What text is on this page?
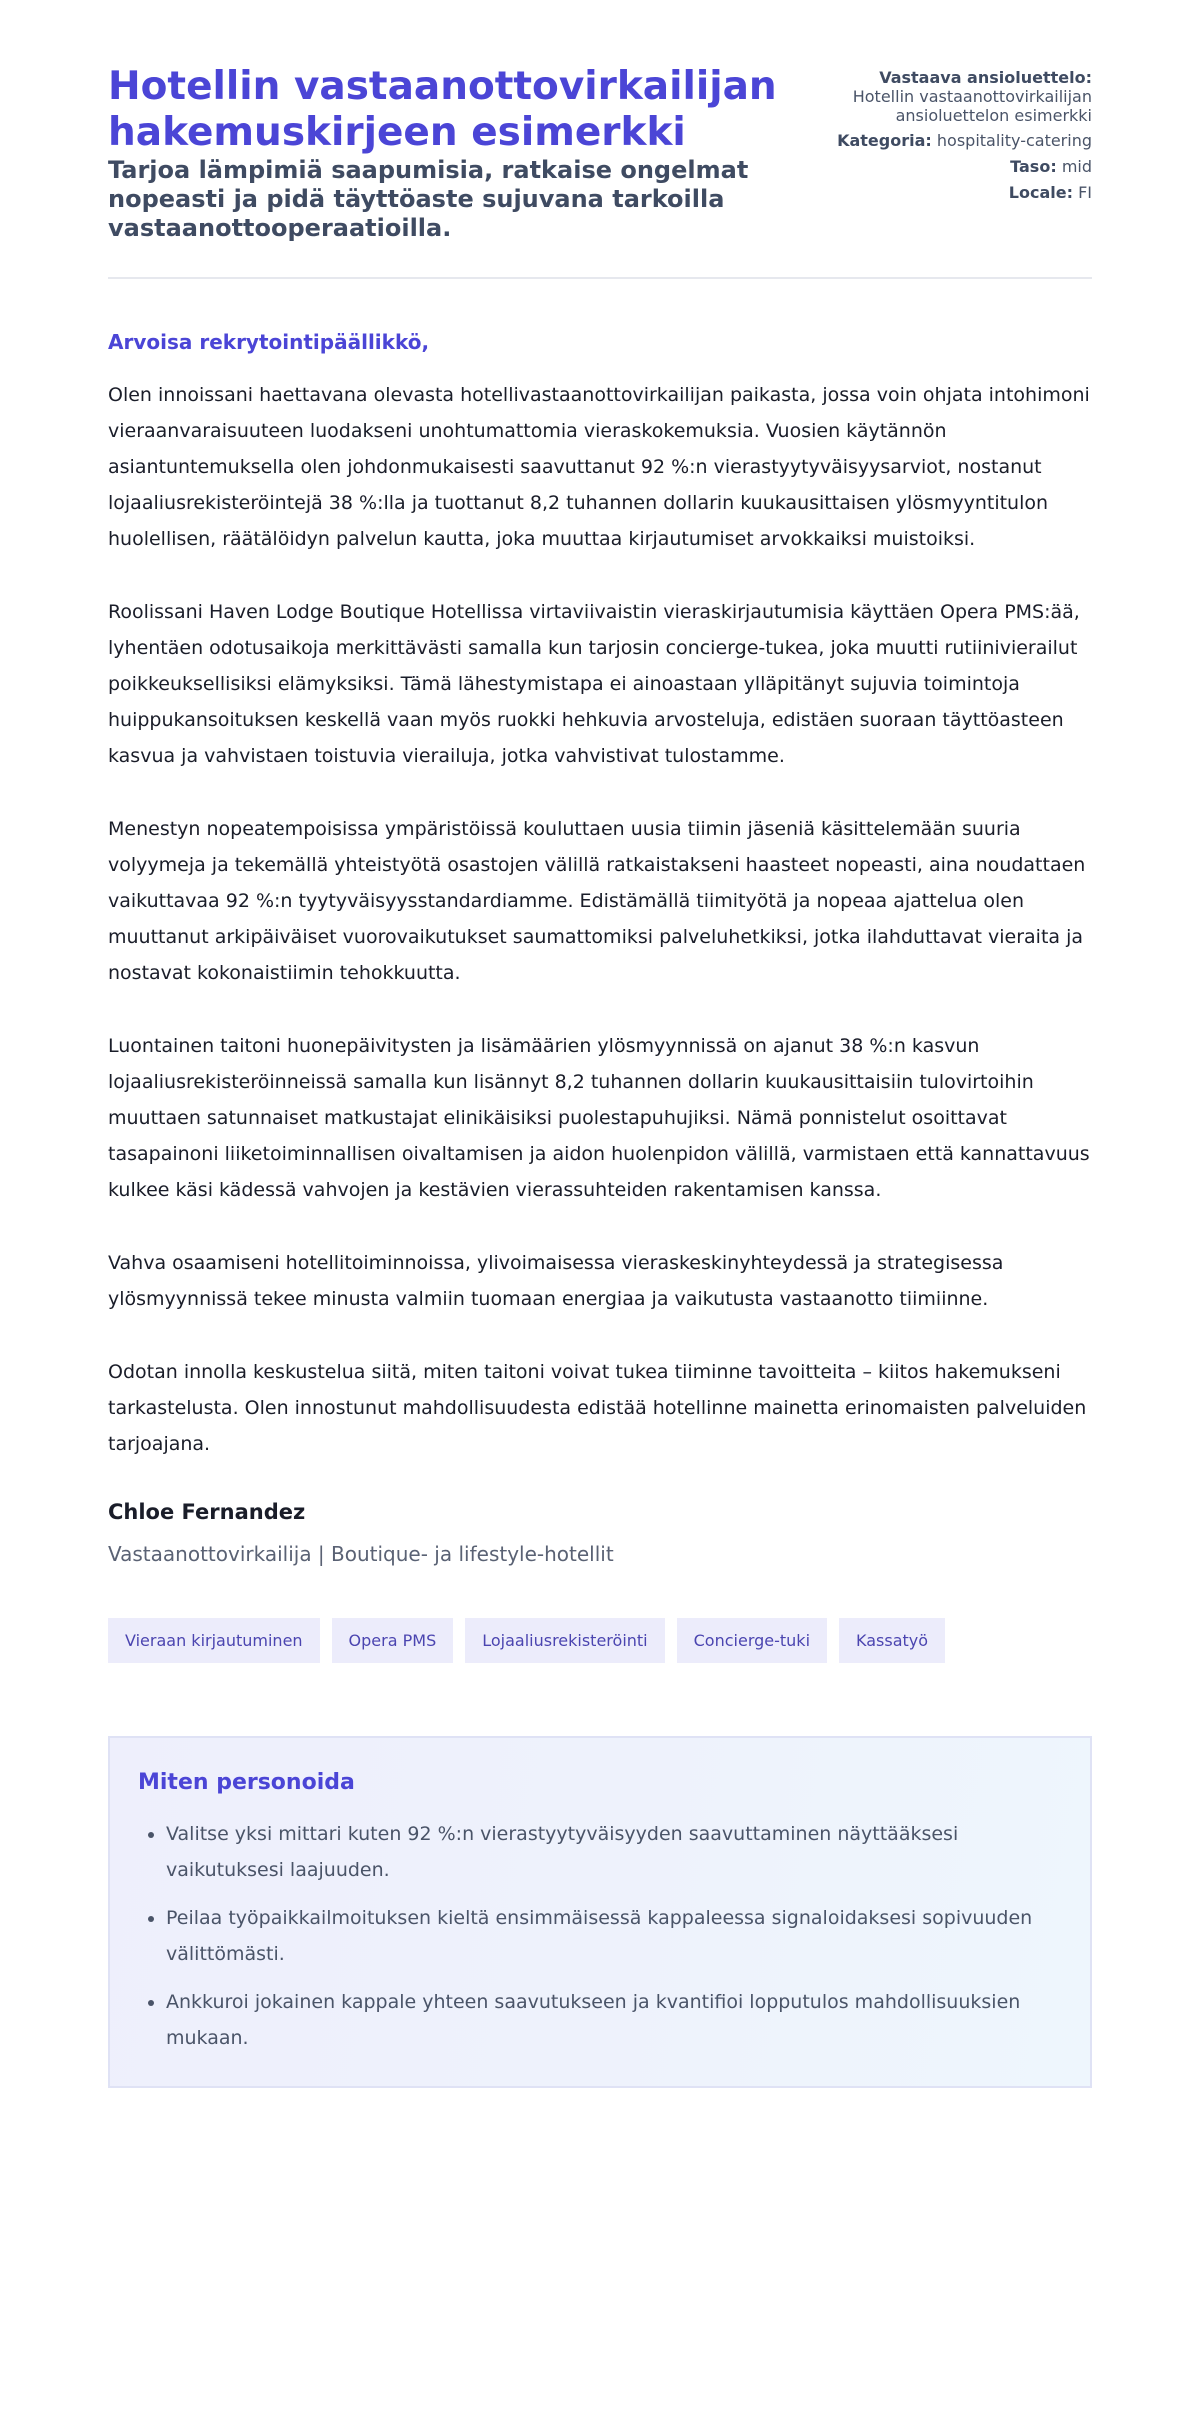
Hotellin vastaanottovirkailijan hakemuskirjeen esimerkki

Tarjoa lämpimiä saapumisia, ratkaise ongelmat nopeasti ja pidä täyttöaste sujuvana tarkoilla vastaanottooperaatioilla.

Vastaava ansioluettelo:
Hotellin vastaanottovirkailijan ansioluettelon esimerkki
Kategoria: hospitality-catering
Taso: mid
Locale: FI

Arvoisa rekrytointipäällikkö,

Olen innoissani haettavana olevasta hotellivastaanottovirkailijan paikasta, jossa voin ohjata intohimoni vieraanvaraisuuteen luodakseni unohtumattomia vieraskokemuksia. Vuosien käytännön asiantuntemuksella olen johdonmukaisesti saavuttanut 92 %:n vierastyytyväisyysarviot, nostanut lojaaliusrekisteröintejä 38 %:lla ja tuottanut 8,2 tuhannen dollarin kuukausittaisen ylösmyyntitulon huolellisen, räätälöidyn palvelun kautta, joka muuttaa kirjautumiset arvokkaiksi muistoiksi.

Roolissani Haven Lodge Boutique Hotellissa virtaviivaistin vieraskirjautumisia käyttäen Opera PMS:ää, lyhentäen odotusaikoja merkittävästi samalla kun tarjosin concierge-tukea, joka muutti rutiinivierailut poikkeuksellisiksi elämyksiksi. Tämä lähestymistapa ei ainoastaan ylläpitänyt sujuvia toimintoja huippukansoituksen keskellä vaan myös ruokki hehkuvia arvosteluja, edistäen suoraan täyttöasteen kasvua ja vahvistaen toistuvia vierailuja, jotka vahvistivat tulostamme.

Menestyn nopeatempoisissa ympäristöissä kouluttaen uusia tiimin jäseniä käsittelemään suuria volyymeja ja tekemällä yhteistyötä osastojen välillä ratkaistakseni haasteet nopeasti, aina noudattaen vaikuttavaa 92 %:n tyytyväisyysstandardiamme. Edistämällä tiimityötä ja nopeaa ajattelua olen muuttanut arkipäiväiset vuorovaikutukset saumattomiksi palveluhetkiksi, jotka ilahduttavat vieraita ja nostavat kokonaistiimin tehokkuutta.

Luontainen taitoni huonepäivitysten ja lisämäärien ylösmyynnissä on ajanut 38 %:n kasvun lojaaliusrekisteröinneissä samalla kun lisännyt 8,2 tuhannen dollarin kuukausittaisiin tulovirtoihin muuttaen satunnaiset matkustajat elinikäisiksi puolestapuhujiksi. Nämä ponnistelut osoittavat tasapainoni liiketoiminnallisen oivaltamisen ja aidon huolenpidon välillä, varmistaen että kannattavuus kulkee käsi kädessä vahvojen ja kestävien vierassuhteiden rakentamisen kanssa.

Vahva osaamiseni hotellitoiminnoissa, ylivoimaisessa vieraskeskinyhteydessä ja strategisessa ylösmyynnissä tekee minusta valmiin tuomaan energiaa ja vaikutusta vastaanotto tiimiinne.

Odotan innolla keskustelua siitä, miten taitoni voivat tukea tiiminne tavoitteita – kiitos hakemukseni tarkastelusta. Olen innostunut mahdollisuudesta edistää hotellinne mainetta erinomaisten palveluiden tarjoajana.

Chloe Fernandez

Vastaanottovirkailija | Boutique- ja lifestyle-hotellit

Vieraan kirjautuminen	Opera PMS	Lojaaliusrekisteröinti	Concierge-tuki	Kassatyö
Miten personoida
• Valitse yksi mittari kuten 92 %:n vierastyytyväisyyden saavuttaminen näyttääksesi vaikutuksesi laajuuden.
• Peilaa työpaikkailmoituksen kieltä ensimmäisessä kappaleessa signaloidaksesi sopivuuden välittömästi.
• Ankkuroi jokainen kappale yhteen saavutukseen ja kvantifioi lopputulos mahdollisuuksien mukaan.
